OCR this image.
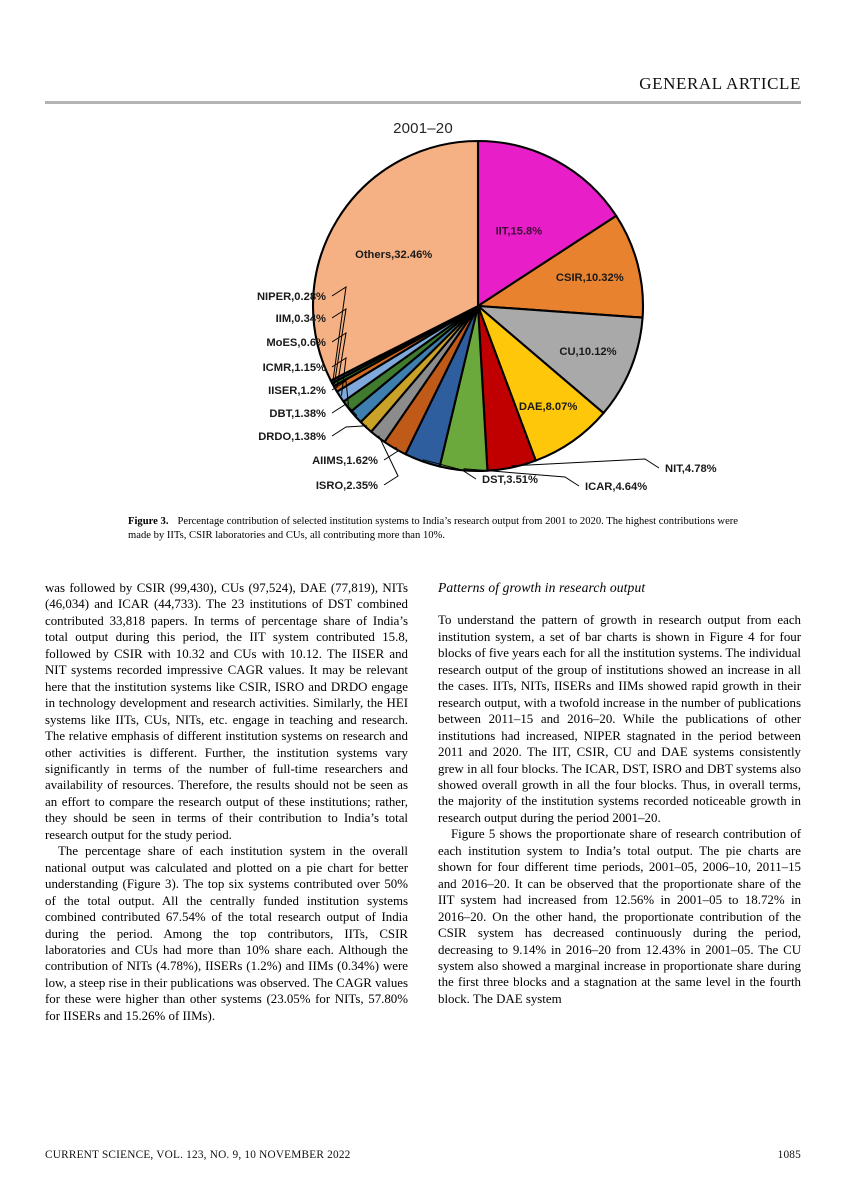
GENERAL ARTICLE
2001–20
NIT,4.78%
ICAR,4.64%
DST,3.51%
AIIMS,1.62%
ISRO,2.35%
DRDO,1.38%
DBT,1.38%
IISER,1.2%
ICMR,1.15%
MoES,0.6%
IIM,0.34%
NIPER,0.28%
IIT,15.8%
CSIR,10.32%
CU,10.12%
DAE,8.07%
Others,32.46%
Figure 3. Percentage contribution of selected institution systems to India’s research output from 2001 to 2020. The highest contributions were made by IITs, CSIR laboratories and CUs, all contributing more than 10%.

was followed by CSIR (99,430), CUs (97,524), DAE (77,819), NITs (46,034) and ICAR (44,733). The 23 institutions of DST combined contributed 33,818 papers. In terms of percentage share of India’s total output during this period, the IIT system contributed 15.8, followed by CSIR with 10.32 and CUs with 10.12. The IISER and NIT systems recorded impressive CAGR values. It may be relevant here that the institution systems like CSIR, ISRO and DRDO engage in technology development and research activities. Similarly, the HEI systems like IITs, CUs, NITs, etc. engage in teaching and research. The relative emphasis of different institution systems on research and other activities is different. Further, the institution systems vary significantly in terms of the number of full-time researchers and availability of resources. Therefore, the results should not be seen as an effort to compare the research output of these institutions; rather, they should be seen in terms of their contribution to India’s total research output for the study period.

The percentage share of each institution system in the overall national output was calculated and plotted on a pie chart for better understanding (Figure 3). The top six systems contributed over 50% of the total output. All the centrally funded institution systems combined contributed 67.54% of the total research output of India during the period. Among the top contributors, IITs, CSIR laboratories and CUs had more than 10% share each. Although the contribution of NITs (4.78%), IISERs (1.2%) and IIMs (0.34%) were low, a steep rise in their publications was observed. The CAGR values for these were higher than other systems (23.05% for NITs, 57.80% for IISERs and 15.26% of IIMs).

Patterns of growth in research output

To understand the pattern of growth in research output from each institution system, a set of bar charts is shown in Figure 4 for four blocks of five years each for all the institution systems. The individual research output of the group of institutions showed an increase in all the cases. IITs, NITs, IISERs and IIMs showed rapid growth in their research output, with a twofold increase in the number of publications between 2011–15 and 2016–20. While the publications of other institutions had increased, NIPER stagnated in the period between 2011 and 2020. The IIT, CSIR, CU and DAE systems consistently grew in all four blocks. The ICAR, DST, ISRO and DBT systems also showed overall growth in all the four blocks. Thus, in overall terms, the majority of the institution systems recorded noticeable growth in research output during the period 2001–20.

Figure 5 shows the proportionate share of research contribution of each institution system to India’s total output. The pie charts are shown for four different time periods, 2001–05, 2006–10, 2011–15 and 2016–20. It can be observed that the proportionate share of the IIT system had increased from 12.56% in 2001–05 to 18.72% in 2016–20. On the other hand, the proportionate contribution of the CSIR system has decreased continuously during the period, decreasing to 9.14% in 2016–20 from 12.43% in 2001–05. The CU system also showed a marginal increase in proportionate share during the first three blocks and a stagnation at the same level in the fourth block. The DAE system

CURRENT SCIENCE, VOL. 123, NO. 9, 10 NOVEMBER 2022	1085
